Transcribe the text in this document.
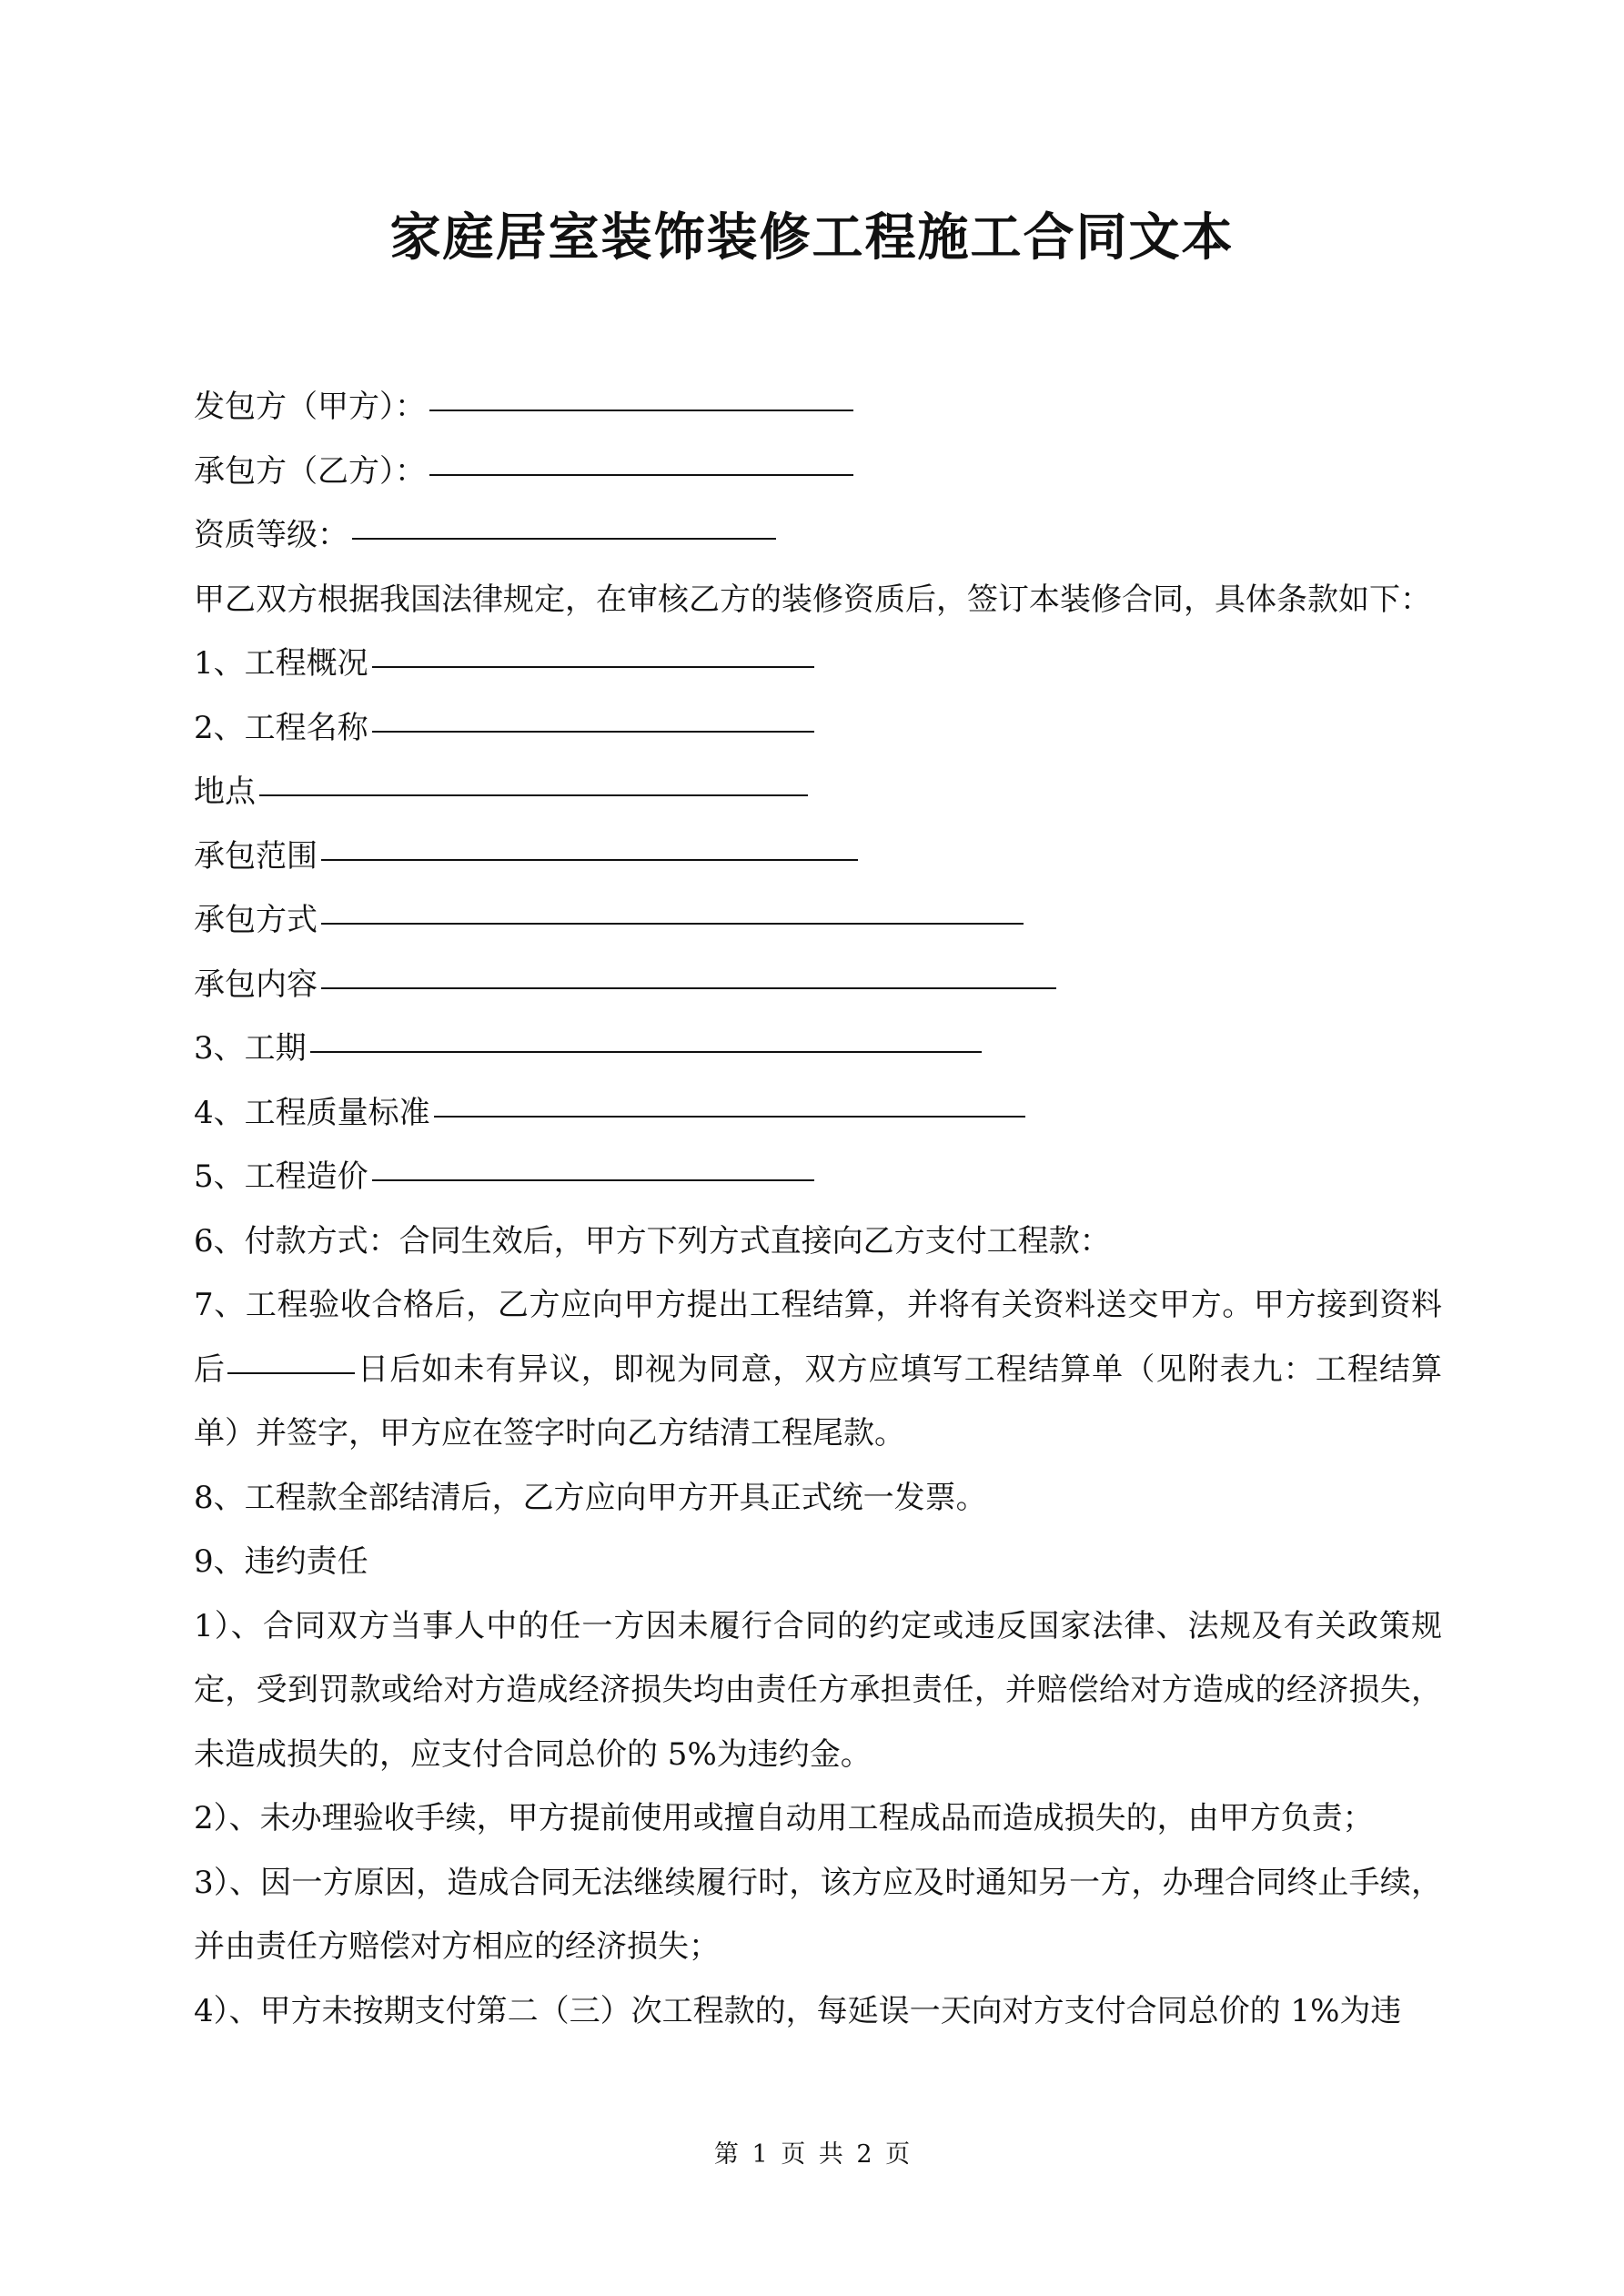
家庭居室装饰装修工程施工合同文本
发包方（甲方）：
承包方（乙方）：
资质等级：
甲乙双方根据我国法律规定，在审核乙方的装修资质后，签订本装修合同，具体条款如下：
1、工程概况
2、工程名称
地点
承包范围
承包方式
承包内容
3、工期
4、工程质量标准
5、工程造价
6、付款方式：合同生效后，甲方下列方式直接向乙方支付工程款：
7、工程验收合格后，乙方应向甲方提出工程结算，并将有关资料送交甲方。甲方接到资料后	日后如未有异议，即视为同意，双方应填写工程结算单（见附表九：工程结算单）并签字，甲方应在签字时向乙方结清工程尾款。
8、工程款全部结清后，乙方应向甲方开具正式统一发票。
9、违约责任
1）、合同双方当事人中的任一方因未履行合同的约定或违反国家法律、法规及有关政策规定，受到罚款或给对方造成经济损失均由责任方承担责任，并赔偿给对方造成的经济损失，未造成损失的，应支付合同总价的 5%为违约金。
2）、未办理验收手续，甲方提前使用或擅自动用工程成品而造成损失的，由甲方负责；
3）、因一方原因，造成合同无法继续履行时，该方应及时通知另一方，办理合同终止手续，并由责任方赔偿对方相应的经济损失；
4）、甲方未按期支付第二（三）次工程款的，每延误一天向对方支付合同总价的 1%为违
第 1 页 共 2 页
